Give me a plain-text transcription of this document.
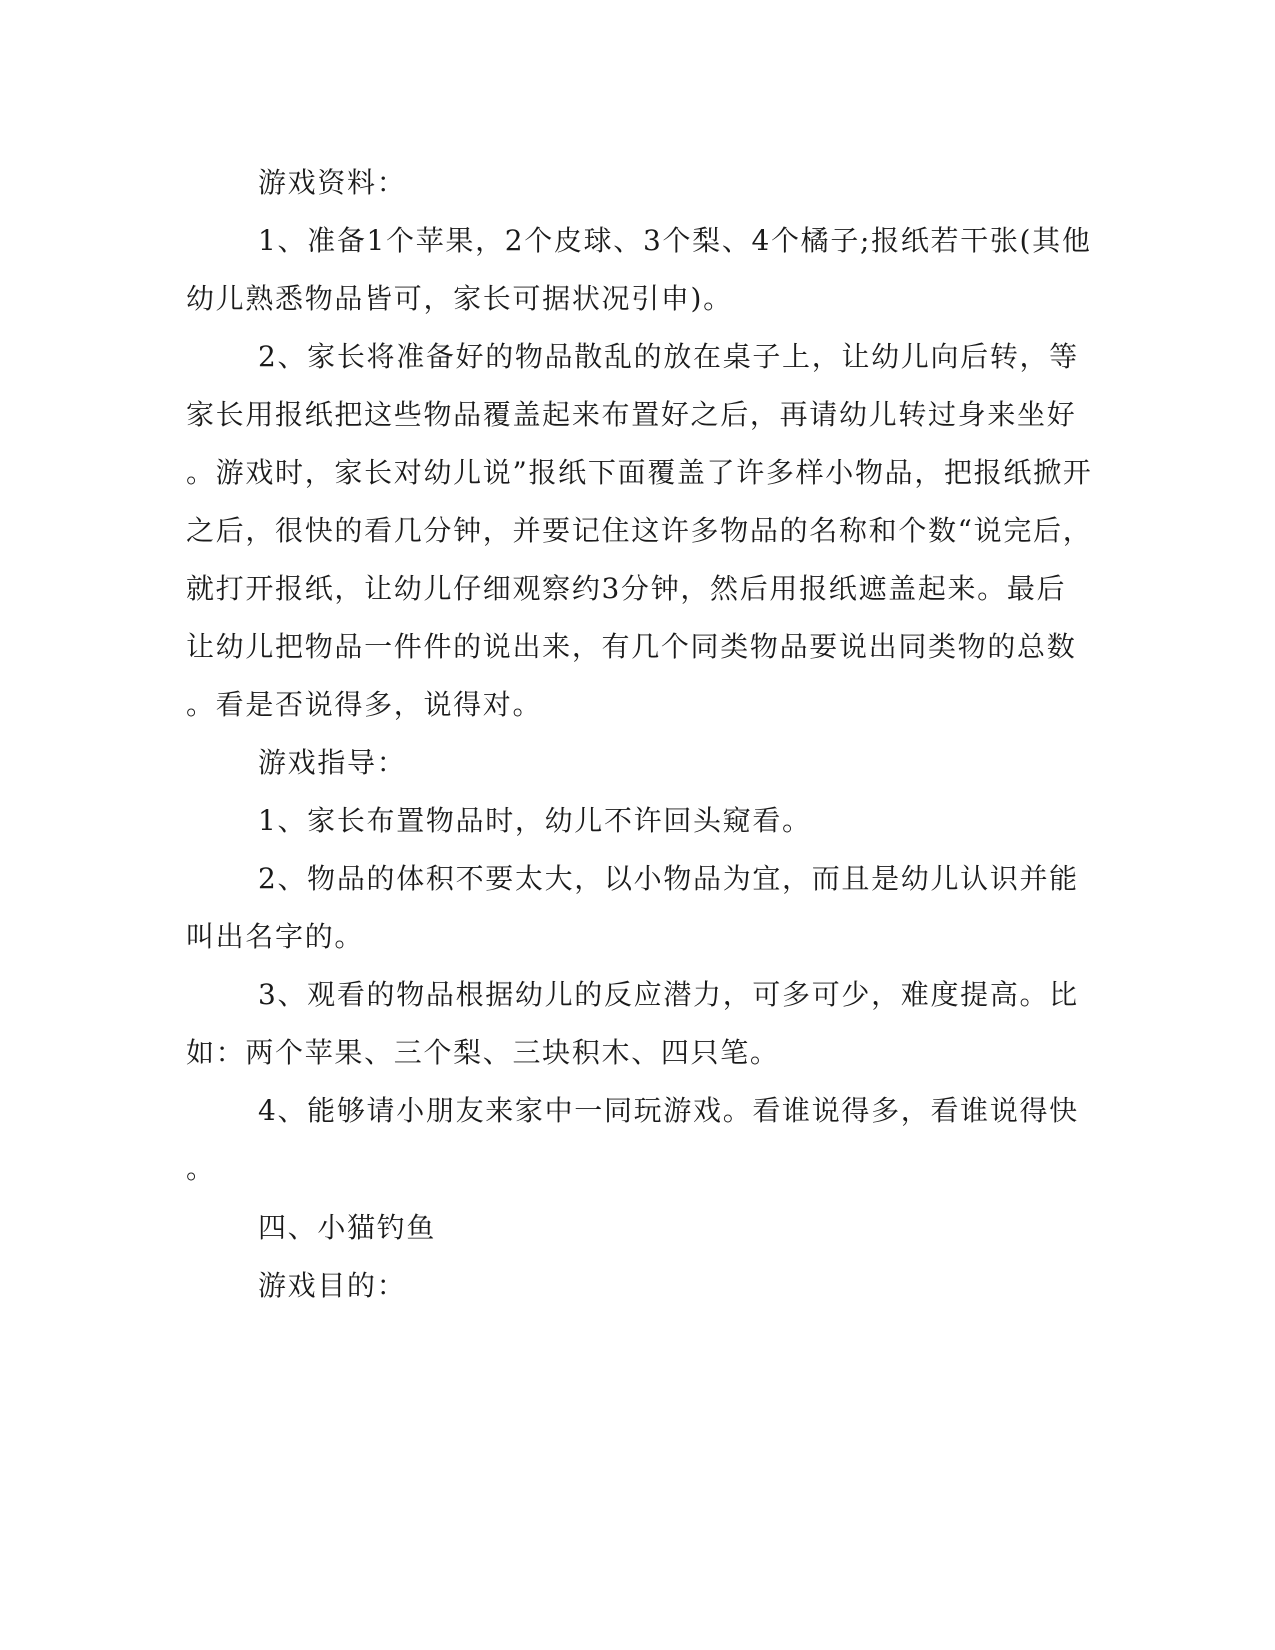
游戏资料：
1、准备1个苹果，2个皮球、3个梨、4个橘子;报纸若干张(其他
幼儿熟悉物品皆可，家长可据状况引申)。
2、家长将准备好的物品散乱的放在桌子上，让幼儿向后转，等
家长用报纸把这些物品覆盖起来布置好之后，再请幼儿转过身来坐好
。游戏时，家长对幼儿说”报纸下面覆盖了许多样小物品，把报纸掀开
之后，很快的看几分钟，并要记住这许多物品的名称和个数“说完后，
就打开报纸，让幼儿仔细观察约3分钟，然后用报纸遮盖起来。最后
让幼儿把物品一件件的说出来，有几个同类物品要说出同类物的总数
。看是否说得多，说得对。
游戏指导：
1、家长布置物品时，幼儿不许回头窥看。
2、物品的体积不要太大，以小物品为宜，而且是幼儿认识并能
叫出名字的。
3、观看的物品根据幼儿的反应潜力，可多可少，难度提高。比
如：两个苹果、三个梨、三块积木、四只笔。
4、能够请小朋友来家中一同玩游戏。看谁说得多，看谁说得快
。
四、小猫钓鱼
游戏目的：
